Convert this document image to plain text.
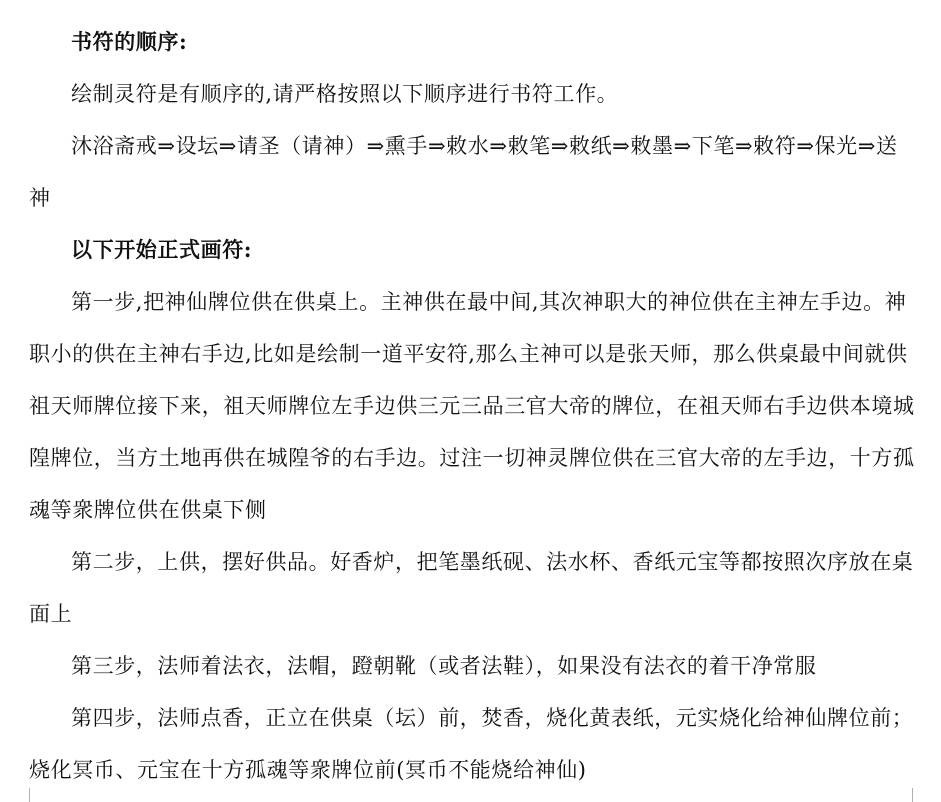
书符的顺序:

绘制灵符是有顺序的,请严格按照以下顺序进行书符工作。

沐浴斋戒⇒设坛⇒请圣（请神）⇒熏手⇒敕水⇒敕笔⇒敕纸⇒敕墨⇒下笔⇒敕符⇒保光⇒送神

以下开始正式画符:

第一步,把神仙牌位供在供桌上。主神供在最中间,其次神职大的神位供在主神左手边。神职小的供在主神右手边,比如是绘制一道平安符,那么主神可以是张天师，那么供桌最中间就供祖天师牌位接下来，祖天师牌位左手边供三元三品三官大帝的牌位，在祖天师右手边供本境城隍牌位，当方土地再供在城隍爷的右手边。过注一切神灵牌位供在三官大帝的左手边，十方孤魂等衆牌位供在供桌下侧

第二步，上供，摆好供品。好香炉，把笔墨纸砚、法水杯、香纸元宝等都按照次序放在桌面上

第三步，法师着法衣，法帽，蹬朝靴（或者法鞋），如果没有法衣的着干净常服

第四步，法师点香，正立在供桌（坛）前，焚香，烧化黄表纸，元实烧化给神仙牌位前；烧化冥币、元宝在十方孤魂等衆牌位前(冥币不能烧给神仙)
